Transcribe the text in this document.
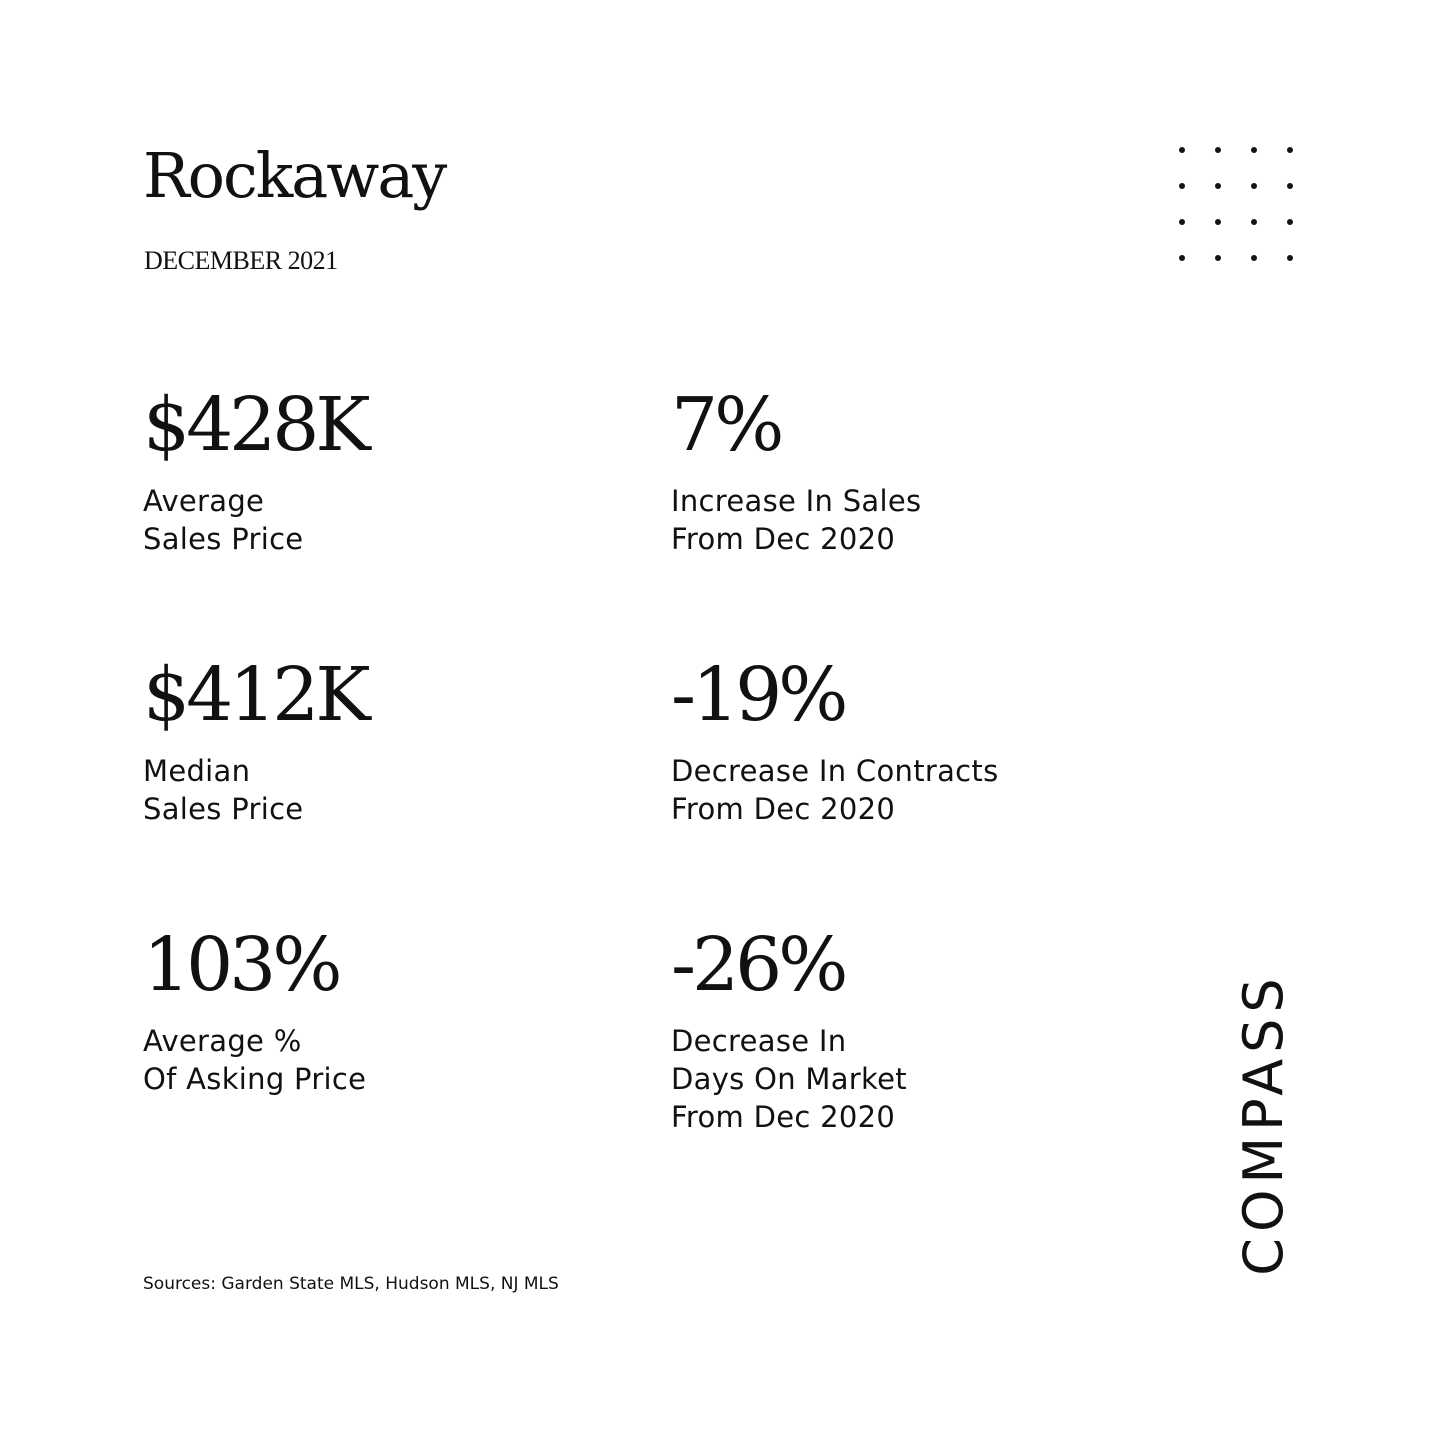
Rockaway
DECEMBER 2021
$428K
Average
Sales Price
7%
Increase In Sales
From Dec 2020
$412K
Median
Sales Price
-19%
Decrease In Contracts
From Dec 2020
103%
Average %
Of Asking Price
-26%
Decrease In
Days On Market
From Dec 2020
Sources: Garden State MLS, Hudson MLS, NJ MLS
COMPASS
